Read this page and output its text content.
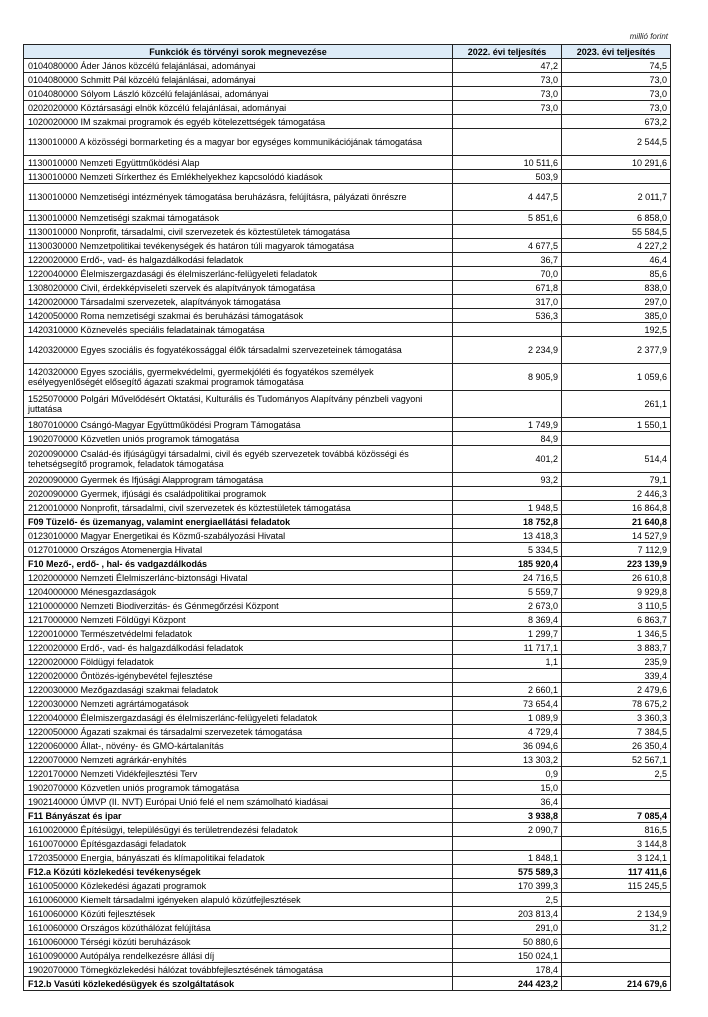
millió forint
Funkciók és törvényi sorok megnevezése	2022. évi teljesítés	2023. évi teljesítés
0104080000 Áder János közcélú felajánlásai, adományai	47,2	74,5
0104080000 Schmitt Pál közcélú felajánlásai, adományai	73,0	73,0
0104080000 Sólyom László közcélú felajánlásai, adományai	73,0	73,0
0202020000 Köztársasági elnök közcélú felajánlásai, adományai	73,0	73,0
1020020000 IM szakmai programok és egyéb kötelezettségek támogatása		673,2
1130010000 A közösségi bormarketing és a magyar bor egységes kommunikációjának támogatása		2 544,5
1130010000 Nemzeti Együttműködési Alap	10 511,6	10 291,6
1130010000 Nemzeti Sírkerthez és Emlékhelyekhez kapcsolódó kiadások	503,9	
1130010000 Nemzetiségi intézmények támogatása beruházásra, felújításra, pályázati önrészre	4 447,5	2 011,7
1130010000 Nemzetiségi szakmai támogatások	5 851,6	6 858,0
1130010000 Nonprofit, társadalmi, civil szervezetek és köztestületek támogatása		55 584,5
1130030000 Nemzetpolitikai tevékenységek és határon túli magyarok támogatása	4 677,5	4 227,2
1220020000 Erdő-, vad- és halgazdálkodási feladatok	36,7	46,4
1220040000 Élelmiszergazdasági és élelmiszerlánc-felügyeleti feladatok	70,0	85,6
1308020000 Civil, érdekképviseleti szervek és alapítványok támogatása	671,8	838,0
1420020000 Társadalmi szervezetek, alapítványok támogatása	317,0	297,0
1420050000 Roma nemzetiségi szakmai és beruházási támogatások	536,3	385,0
1420310000 Köznevelés speciális feladatainak támogatása		192,5
1420320000 Egyes szociális és fogyatékossággal élők társadalmi szervezeteinek támogatása	2 234,9	2 377,9
1420320000 Egyes szociális, gyermekvédelmi, gyermekjóléti és fogyatékos személyek esélyegyenlőségét elősegítő ágazati szakmai programok támogatása	8 905,9	1 059,6
1525070000 Polgári Művelődésért Oktatási, Kulturális és Tudományos Alapítvány pénzbeli vagyoni juttatása		261,1
1807010000 Csángó-Magyar Együttműködési Program Támogatása	1 749,9	1 550,1
1902070000 Közvetlen uniós programok támogatása	84,9	
2020090000 Család-és ifjúságügyi társadalmi, civil és egyéb szervezetek továbbá közösségi és tehetségsegítő programok, feladatok támogatása	401,2	514,4
2020090000 Gyermek és Ifjúsági Alapprogram támogatása	93,2	79,1
2020090000 Gyermek, ifjúsági és családpolitikai programok		2 446,3
2120010000 Nonprofit, társadalmi, civil szervezetek és köztestületek támogatása	1 948,5	16 864,8
F09 Tüzelő- és üzemanyag, valamint energiaellátási feladatok	18 752,8	21 640,8
0123010000 Magyar Energetikai és Közmű-szabályozási Hivatal	13 418,3	14 527,9
0127010000 Országos Atomenergia Hivatal	5 334,5	7 112,9
F10 Mező-, erdő- , hal- és vadgazdálkodás	185 920,4	223 139,9
1202000000 Nemzeti Élelmiszerlánc-biztonsági Hivatal	24 716,5	26 610,8
1204000000 Ménesgazdaságok	5 559,7	9 929,8
1210000000 Nemzeti Biodiverzitás- és Génmegőrzési Központ	2 673,0	3 110,5
1217000000 Nemzeti Földügyi Központ	8 369,4	6 863,7
1220010000 Természetvédelmi feladatok	1 299,7	1 346,5
1220020000 Erdő-, vad- és halgazdálkodási feladatok	11 717,1	3 883,7
1220020000 Földügyi feladatok	1,1	235,9
1220020000 Öntözés-igénybevétel fejlesztése		339,4
1220030000 Mezőgazdasági szakmai feladatok	2 660,1	2 479,6
1220030000 Nemzeti agrártámogatások	73 654,4	78 675,2
1220040000 Élelmiszergazdasági és élelmiszerlánc-felügyeleti feladatok	1 089,9	3 360,3
1220050000 Ágazati szakmai és társadalmi szervezetek támogatása	4 729,4	7 384,5
1220060000 Állat-, növény- és GMO-kártalanítás	36 094,6	26 350,4
1220070000 Nemzeti agrárkár-enyhítés	13 303,2	52 567,1
1220170000 Nemzeti Vidékfejlesztési Terv	0,9	2,5
1902070000 Közvetlen uniós programok támogatása	15,0	
1902140000 ÚMVP (II. NVT) Európai Unió felé el nem számolható kiadásai	36,4	
F11 Bányászat és ipar	3 938,8	7 085,4
1610020000 Építésügyi, településügyi és területrendezési feladatok	2 090,7	816,5
1610070000 Építésgazdasági feladatok		3 144,8
1720350000 Energia, bányászati és klímapolitikai feladatok	1 848,1	3 124,1
F12.a Közúti közlekedési tevékenységek	575 589,3	117 411,6
1610050000 Közlekedési ágazati programok	170 399,3	115 245,5
1610060000 Kiemelt társadalmi igényeken alapuló közútfejlesztések	2,5	
1610060000 Közúti fejlesztések	203 813,4	2 134,9
1610060000 Országos közúthálózat felújítása	291,0	31,2
1610060000 Térségi közúti beruházások	50 880,6	
1610090000 Autópálya rendelkezésre állási díj	150 024,1	
1902070000 Tömegközlekedési hálózat továbbfejlesztésének támogatása	178,4	
F12.b Vasúti közlekedésügyek és szolgáltatások	244 423,2	214 679,6
